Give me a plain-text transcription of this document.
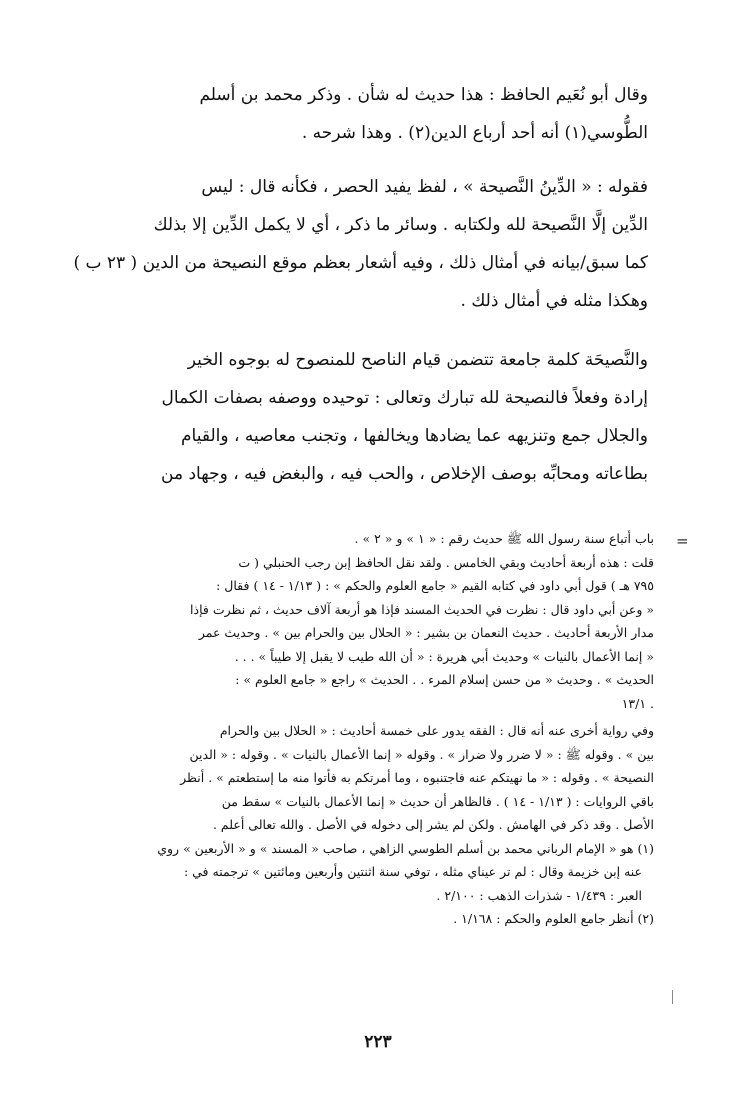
وقال أبو نُعَيم الحافظ : هذا حديث له شأن . وذكر محمد بن أسلم
الطُّوسي(١) أنه أحد أرباع الدين(٢) . وهذا شرحه .
فقوله : « الدِّينُ النَّصيحة » ، لفظ يفيد الحصر ، فكأنه قال : ليس
الدِّين إلَّا النَّصيحة لله ولكتابه . وسائر ما ذكر ، أي لا يكمل الدِّين إلا بذلك
كما سبق/بيانه في أمثال ذلك ، وفيه أشعار بعظم موقع النصيحة من الدين ( ٢٣ ب )
وهكذا مثله في أمثال ذلك .
والنَّصيحَة كلمة جامعة تتضمن قيام الناصح للمنصوح له بوجوه الخير
إرادة وفعلاً فالنصيحة لله تبارك وتعالى : توحيده ووصفه بصفات الكمال
والجلال جمع وتنزيهه عما يضادها ويخالفها ، وتجنب معاصيه ، والقيام
بطاعاته ومحابِّه بوصف الإخلاص ، والحب فيه ، والبغض فيه ، وجهاد من
=
باب أتباع سنة رسول الله ﷺ حديث رقم : « ١ » و « ٢ » .
قلت : هذه أربعة أحاديث وبقي الخامس . ولقد نقل الحافظ إبن رجب الحنبلي ( ت
٧٩٥ هـ ) قول أبي داود في كتابه القيم « جامع العلوم والحكم » : ( ١/١٣ - ١٤ ) فقال :
« وعن أبي داود قال : نظرت في الحديث المسند فإذا هو أربعة آلاف حديث ، ثم نظرت فإذا
مدار الأربعة أحاديث . حديث النعمان بن بشير : « الحلال بين والحرام بين » . وحديث عمر
« إنما الأعمال بالنيات » وحديث أبي هريرة : « أن الله طيب لا يقبل إلا طيباً » . . .
الحديث » . وحديث « من حسن إسلام المرء . . الحديث » راجع « جامع العلوم » :
. ١٣/١
وفي رواية أخرى عنه أنه قال : الفقه يدور على خمسة أحاديث : « الحلال بين والحرام
بين » . وقوله ﷺ : « لا ضرر ولا ضرار » . وقوله « إنما الأعمال بالنيات » . وقوله : « الدين
النصيحة » . وقوله : « ما نهيتكم عنه فاجتنبوه ، وما أمرتكم به فأتوا منه ما إستطعتم » . أنظر
باقي الروايات : ( ١/١٣ - ١٤ ) . فالظاهر أن حديث « إنما الأعمال بالنيات » سقط من
الأصل . وقد ذكر في الهامش . ولكن لم يشر إلى دخوله في الأصل . والله تعالى أعلم .
(١) هو « الإمام الرباني محمد بن أسلم الطوسي الزاهي ، صاحب « المسند » و « الأربعين » روي
عنه إبن خزيمة وقال : لم تر عيناي مثله ، توفي سنة اثنتين وأربعين ومائتين » ترجمته في :
العبر : ١/٤٣٩ - شذرات الذهب : ٢/١٠٠ .
(٢) أنظر جامع العلوم والحكم : ١/١٦٨ .
٢٢٣
